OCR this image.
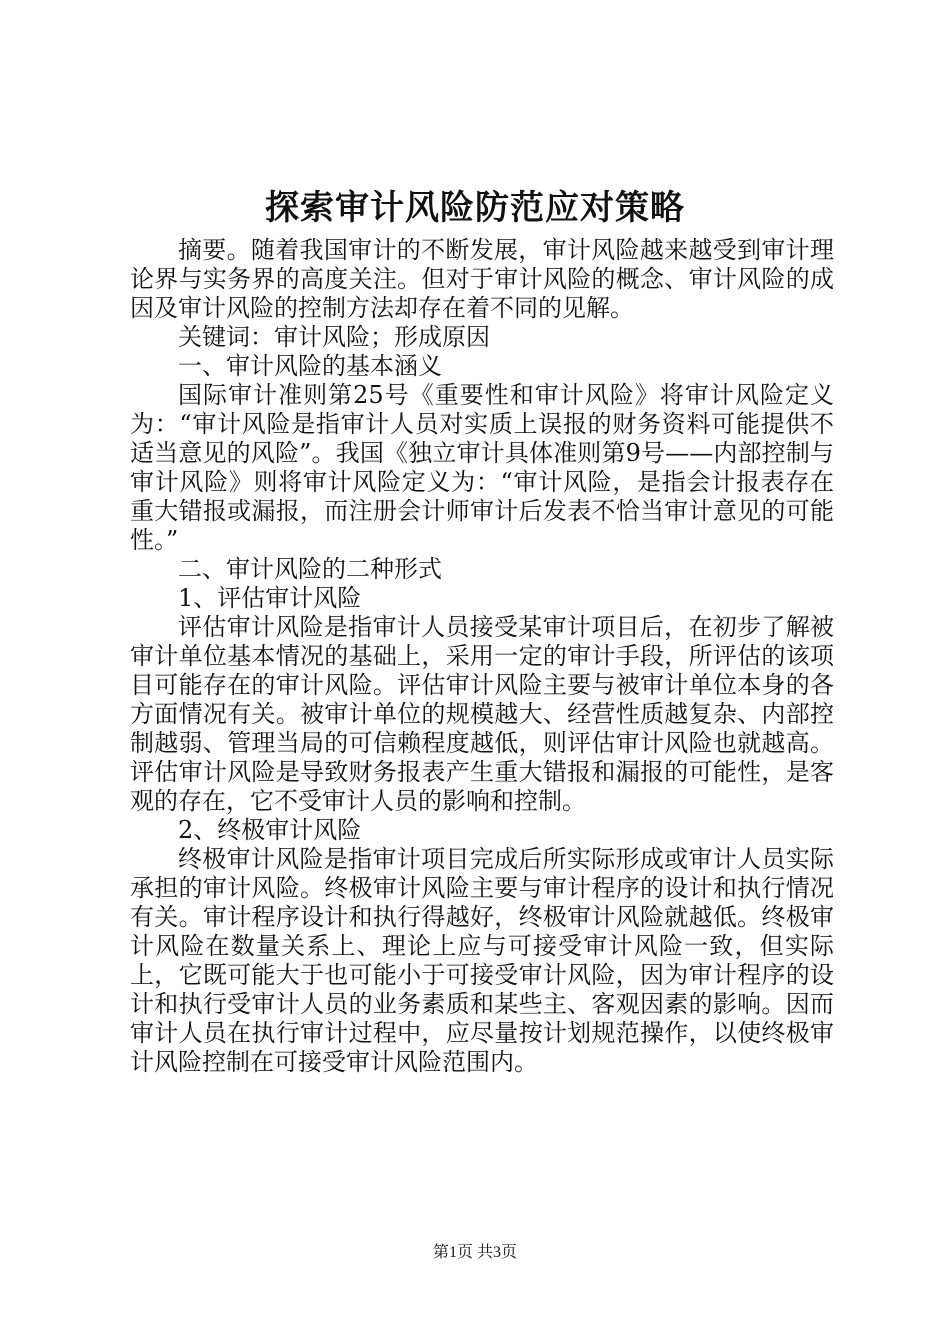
探索审计风险防范应对策略

摘要。随着我国审计的不断发展，审计风险越来越受到审计理论界与实务界的高度关注。但对于审计风险的概念、审计风险的成因及审计风险的控制方法却存在着不同的见解。

关键词：审计风险；形成原因

一、审计风险的基本涵义

国际审计准则第25号《重要性和审计风险》将审计风险定义为：“审计风险是指审计人员对实质上误报的财务资料可能提供不适当意见的风险”。我国《独立审计具体准则第9号——内部控制与审计风险》则将审计风险定义为：“审计风险，是指会计报表存在重大错报或漏报，而注册会计师审计后发表不恰当审计意见的可能性。”

二、审计风险的二种形式

1、评估审计风险

评估审计风险是指审计人员接受某审计项目后，在初步了解被审计单位基本情况的基础上，采用一定的审计手段，所评估的该项目可能存在的审计风险。评估审计风险主要与被审计单位本身的各方面情况有关。被审计单位的规模越大、经营性质越复杂、内部控制越弱、管理当局的可信赖程度越低，则评估审计风险也就越高。评估审计风险是导致财务报表产生重大错报和漏报的可能性，是客观的存在，它不受审计人员的影响和控制。

2、终极审计风险

终极审计风险是指审计项目完成后所实际形成或审计人员实际承担的审计风险。终极审计风险主要与审计程序的设计和执行情况有关。审计程序设计和执行得越好，终极审计风险就越低。终极审计风险在数量关系上、理论上应与可接受审计风险一致，但实际上，它既可能大于也可能小于可接受审计风险，因为审计程序的设计和执行受审计人员的业务素质和某些主、客观因素的影响。因而审计人员在执行审计过程中，应尽量按计划规范操作，以使终极审计风险控制在可接受审计风险范围内。

第1页 共3页
